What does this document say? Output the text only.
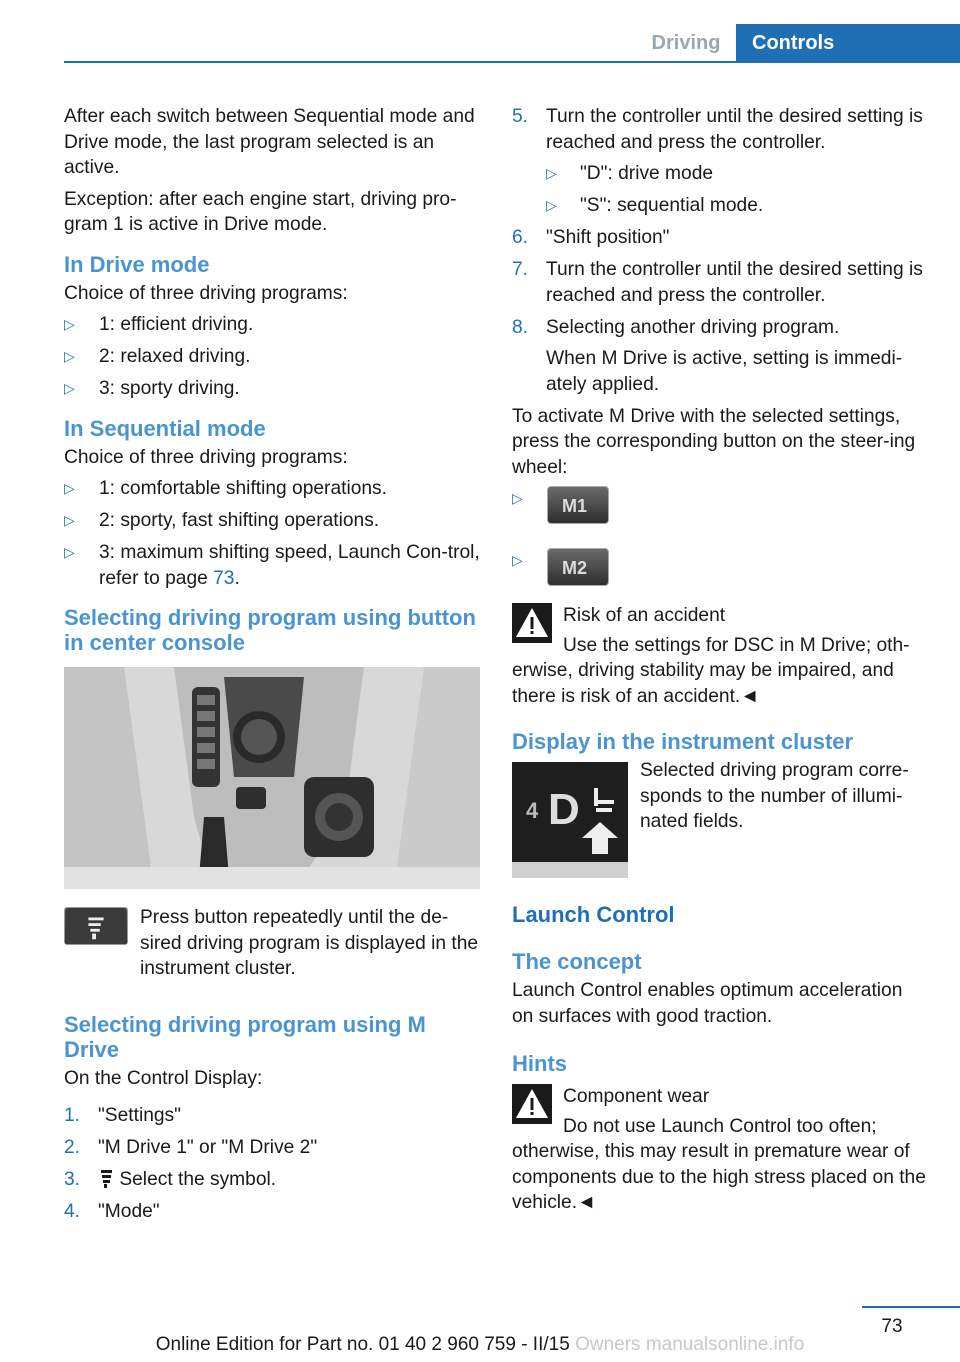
Driving	Controls

After each switch between Sequential mode and Drive mode, the last program selected is an active.

Exception: after each engine start, driving pro-gram 1 is active in Drive mode.

In Drive mode

Choice of three driving programs:

▷ 1: efficient driving.
▷ 2: relaxed driving.
▷ 3: sporty driving.
In Sequential mode

Choice of three driving programs:

▷ 1: comfortable shifting operations.
▷ 2: sporty, fast shifting operations.
▷ 3: maximum shifting speed, Launch Con-trol, refer to page 73.
Selecting driving program using button in center console

Press button repeatedly until the de-sired driving program is displayed in the instrument cluster.

Selecting driving program using M Drive

On the Control Display:

1. "Settings"
2. "M Drive 1" or "M Drive 2"
3. Select the symbol.
4. "Mode"
5. Turn the controller until the desired setting is reached and press the controller.
▷ "D": drive mode
▷ "S": sequential mode.
6. "Shift position"
7. Turn the controller until the desired setting is reached and press the controller.
8. Selecting another driving program.

When M Drive is active, setting is immedi-ately applied.

To activate M Drive with the selected settings, press the corresponding button on the steer-ing wheel:

▷ M1
▷ M2

Risk of an accident

Use the settings for DSC in M Drive; oth-erwise, driving stability may be impaired, and there is risk of an accident.◄

Display in the instrument cluster
4 D

Selected driving program corre-sponds to the number of illumi-nated fields.

Launch Control
The concept

Launch Control enables optimum acceleration on surfaces with good traction.

Hints

Component wear

Do not use Launch Control too often; otherwise, this may result in premature wear of components due to the high stress placed on the vehicle.◄

73
Online Edition for Part no. 01 40 2 960 759 - II/15 Owners manualsonline.info
